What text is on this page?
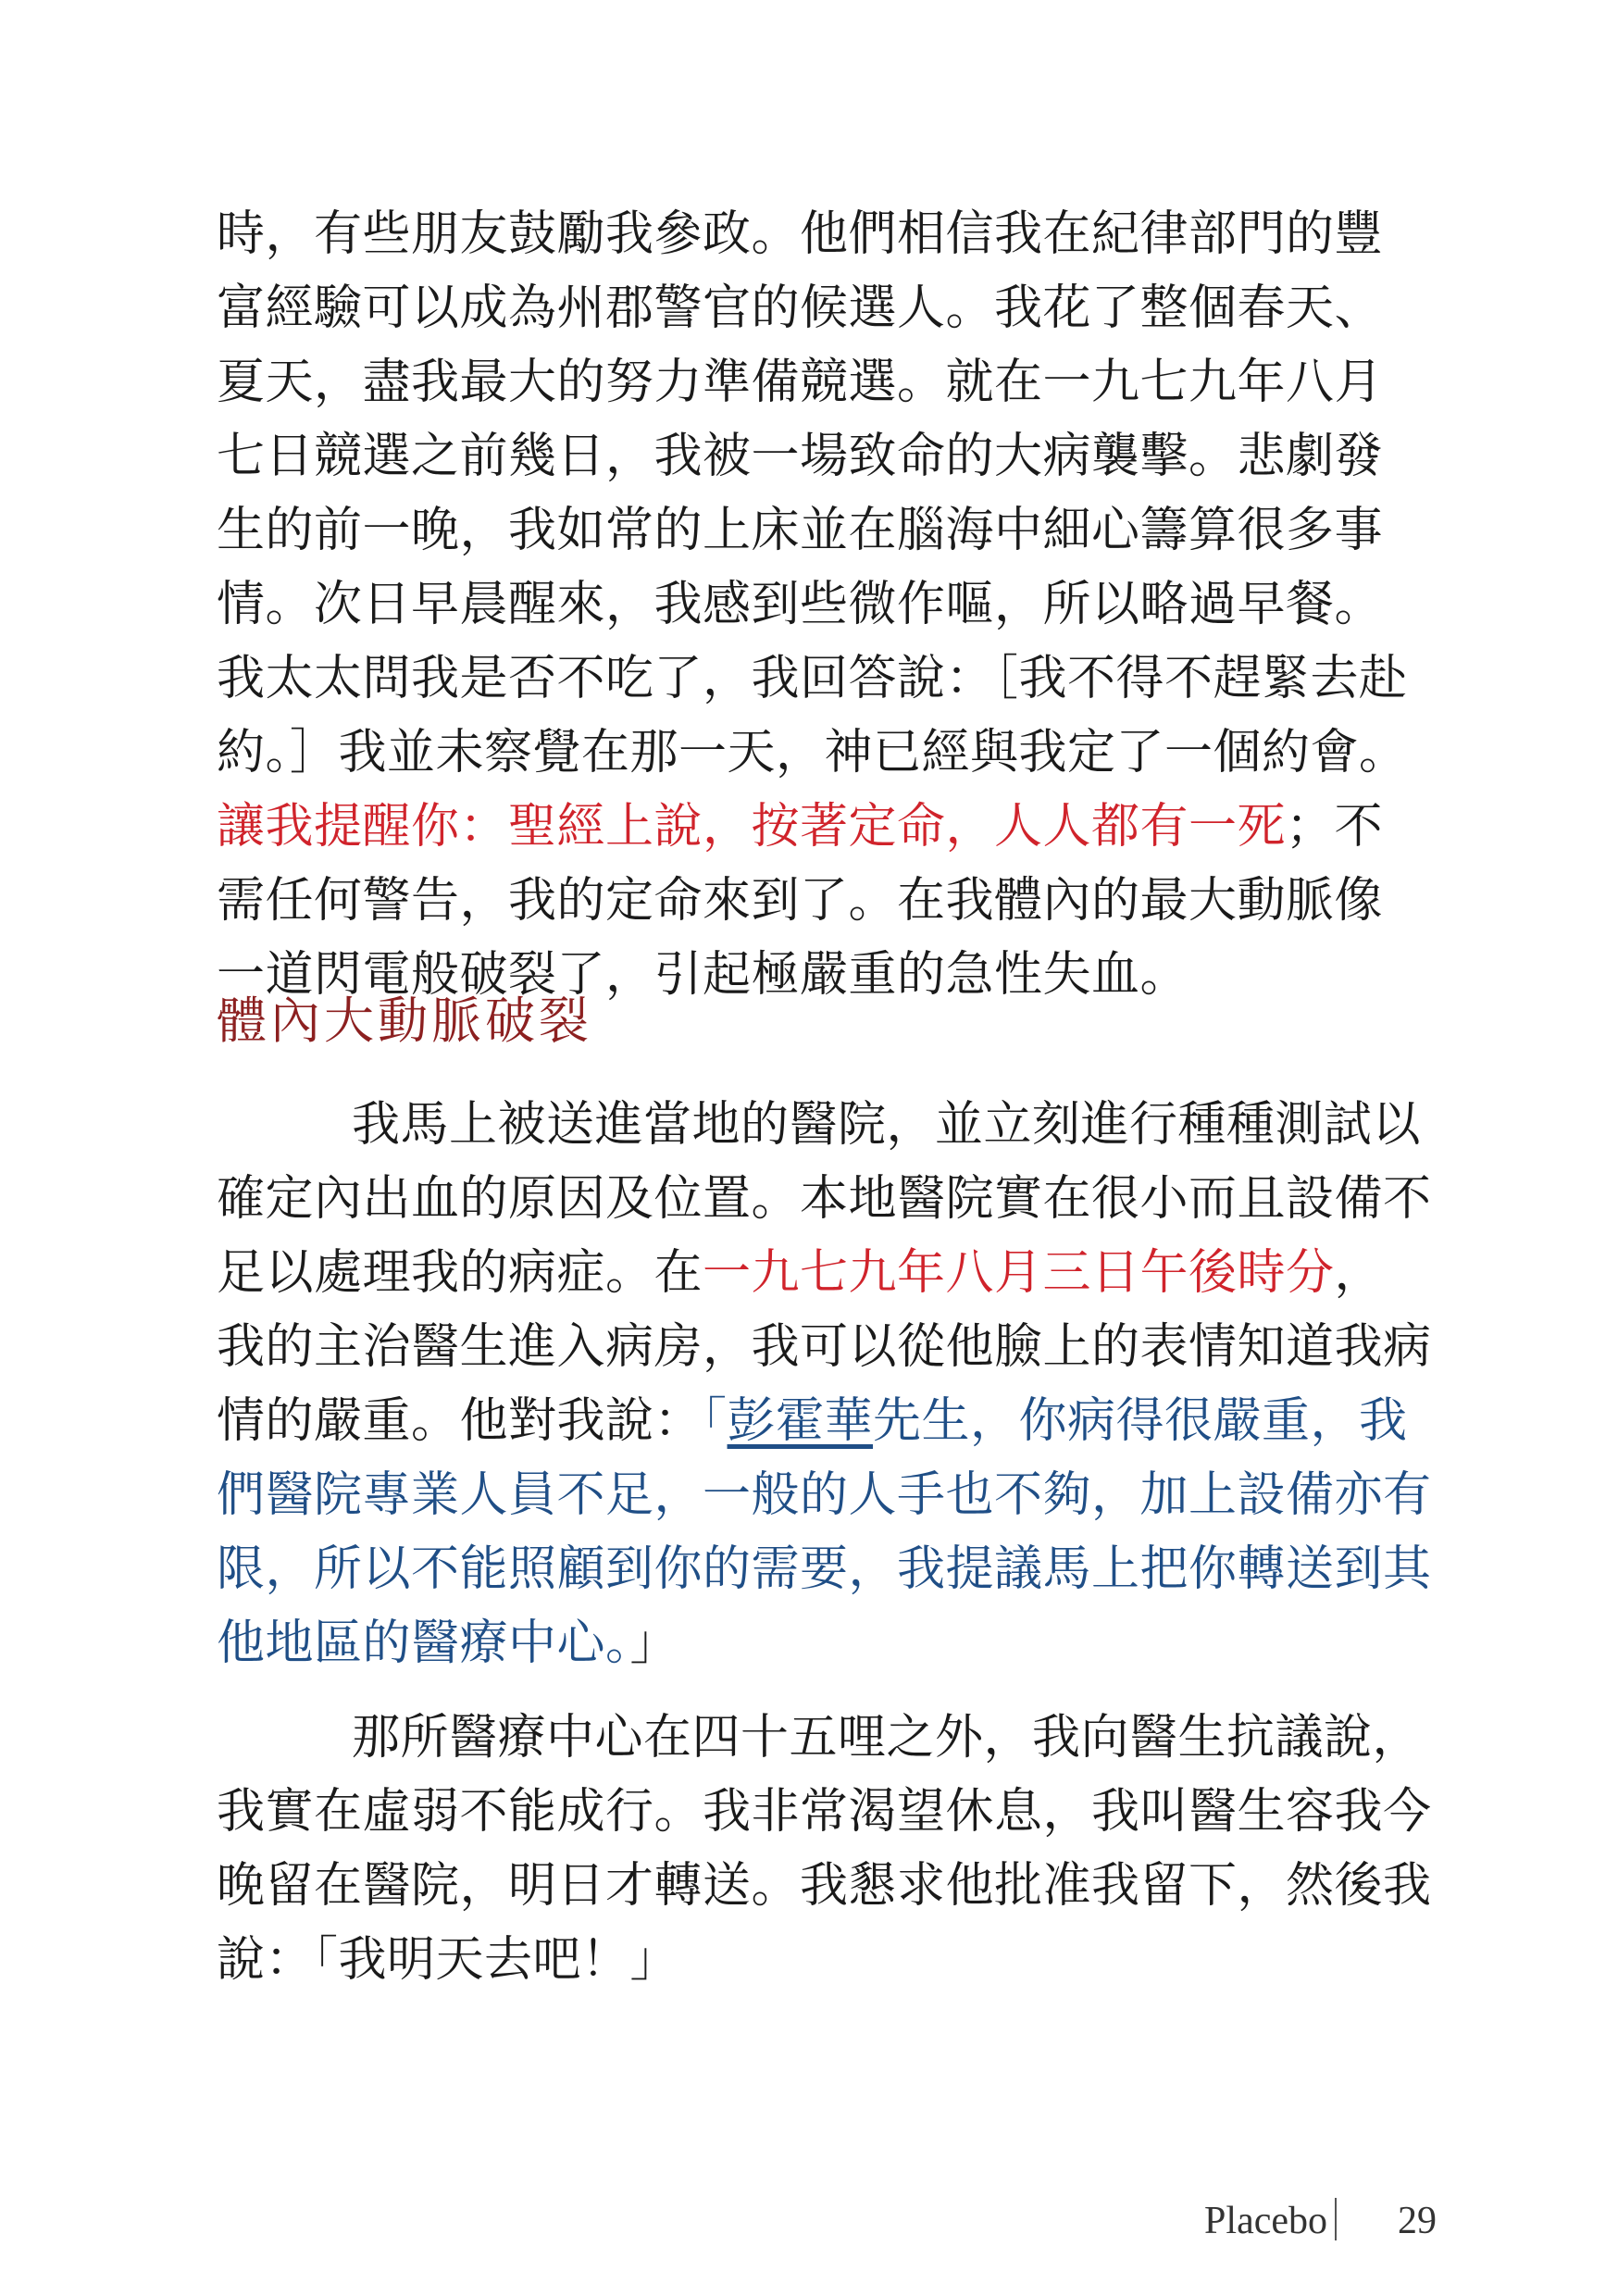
時，有些朋友鼓勵我參政。他們相信我在紀律部門的豐
富經驗可以成為州郡警官的候選人。我花了整個春天、
夏天，盡我最大的努力準備競選。就在一九七九年八月
七日競選之前幾日，我被一場致命的大病襲擊。悲劇發
生的前一晚，我如常的上床並在腦海中細心籌算很多事
情。次日早晨醒來，我感到些微作嘔，所以略過早餐。
我太太問我是否不吃了，我回答說：［我不得不趕緊去赴
約。］我並未察覺在那一天，神已經與我定了一個約會。
讓我提醒你：聖經上說，按著定命，人人都有一死；不
需任何警告，我的定命來到了。在我體內的最大動脈像
一道閃電般破裂了，引起極嚴重的急性失血。
體內大動脈破裂
我馬上被送進當地的醫院，並立刻進行種種測試以
確定內出血的原因及位置。本地醫院實在很小而且設備不
足以處理我的病症。在一九七九年八月三日午後時分，
我的主治醫生進入病房，我可以從他臉上的表情知道我病
情的嚴重。他對我說：「彭霍華先生，你病得很嚴重，我
們醫院專業人員不足，一般的人手也不夠，加上設備亦有
限，所以不能照顧到你的需要，我提議馬上把你轉送到其
他地區的醫療中心。」
那所醫療中心在四十五哩之外，我向醫生抗議說，
我實在虛弱不能成行。我非常渴望休息，我叫醫生容我今
晚留在醫院，明日才轉送。我懇求他批准我留下，然後我
說：「我明天去吧！」
Placebo 29
